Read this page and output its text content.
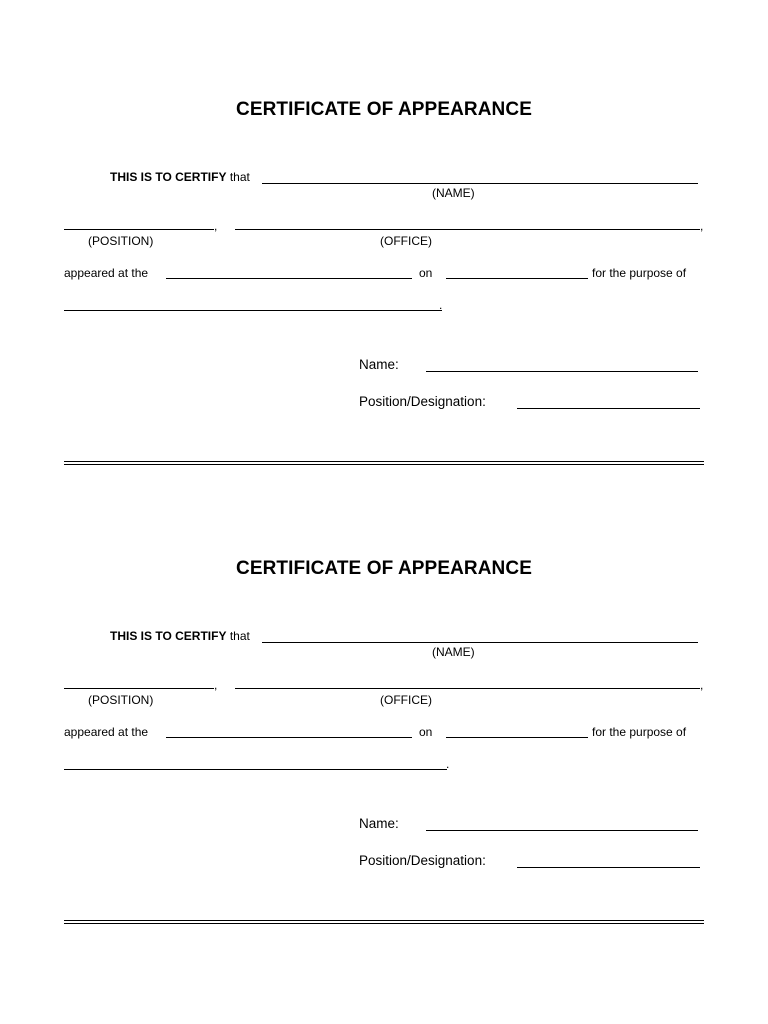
CERTIFICATE OF APPEARANCE
THIS IS TO CERTIFY that
(NAME)
,	,
(POSITION)	(OFFICE)
appeared at the	on	for the purpose of
.
Name:
Position/Designation:
CERTIFICATE OF APPEARANCE
THIS IS TO CERTIFY that
(NAME)
,	,
(POSITION)	(OFFICE)
appeared at the	on	for the purpose of
.
Name:
Position/Designation:
